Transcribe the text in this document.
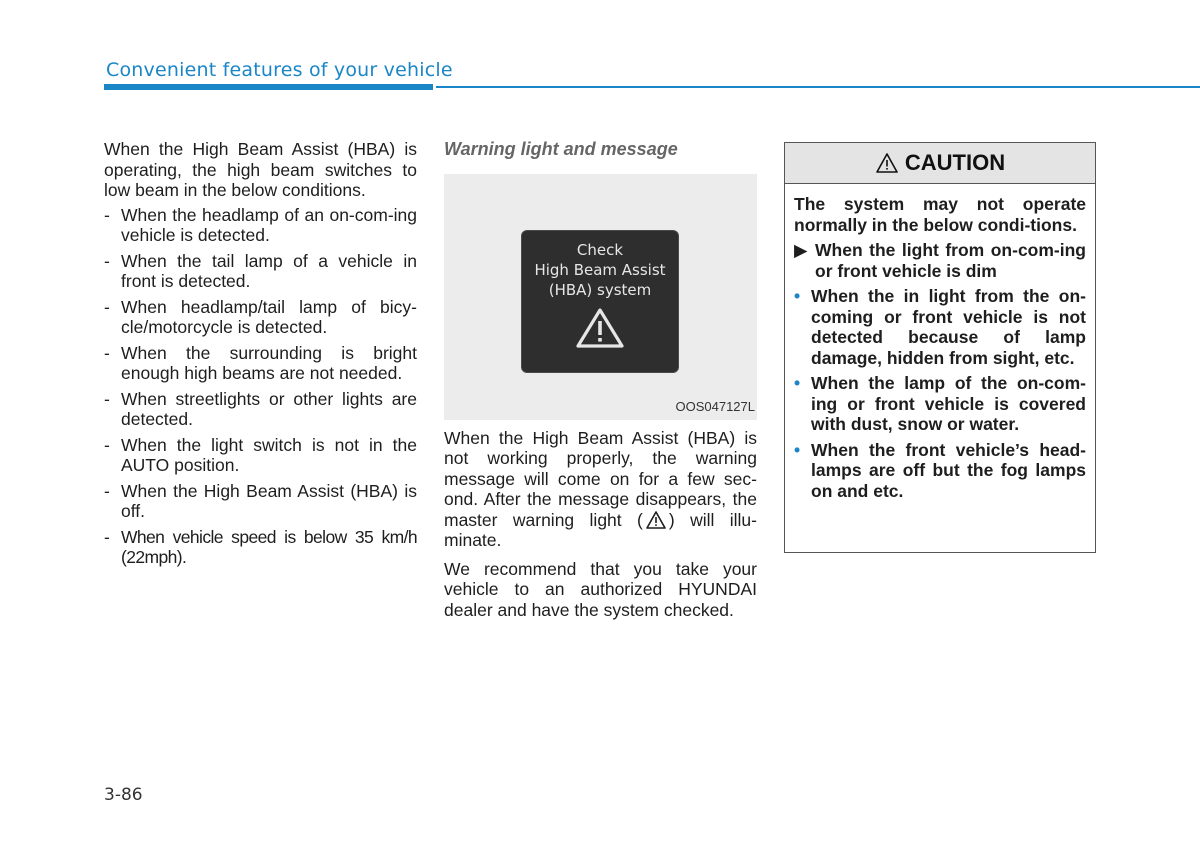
Convenient features of your vehicle

When the High Beam Assist (HBA) is operating, the high beam switches to low beam in the below conditions.

- When the headlamp of an on-com-ing vehicle is detected.
- When the tail lamp of a vehicle in front is detected.
- When headlamp/tail lamp of bicy-cle/motorcycle is detected.
- When the surrounding is bright enough high beams are not needed.
- When streetlights or other lights are detected.
- When the light switch is not in the AUTO position.
- When the High Beam Assist (HBA) is off.
- When vehicle speed is below 35 km/h (22mph).
Warning light and message
Check
High Beam Assist
(HBA) system
OOS047127L

When the High Beam Assist (HBA) is not working properly, the warning message will come on for a few sec-ond. After the message disappears, the master warning light ( ) will illu-minate.

We recommend that you take your vehicle to an authorized HYUNDAI dealer and have the system checked.

CAUTION

The system may not operate normally in the below condi-tions.

▶ When the light from on-com-ing or front vehicle is dim
• When the in light from the on-coming or front vehicle is not detected because of lamp damage, hidden from sight, etc.
• When the lamp of the on-com-ing or front vehicle is covered with dust, snow or water.
• When the front vehicle’s head-lamps are off but the fog lamps on and etc.
3-86
